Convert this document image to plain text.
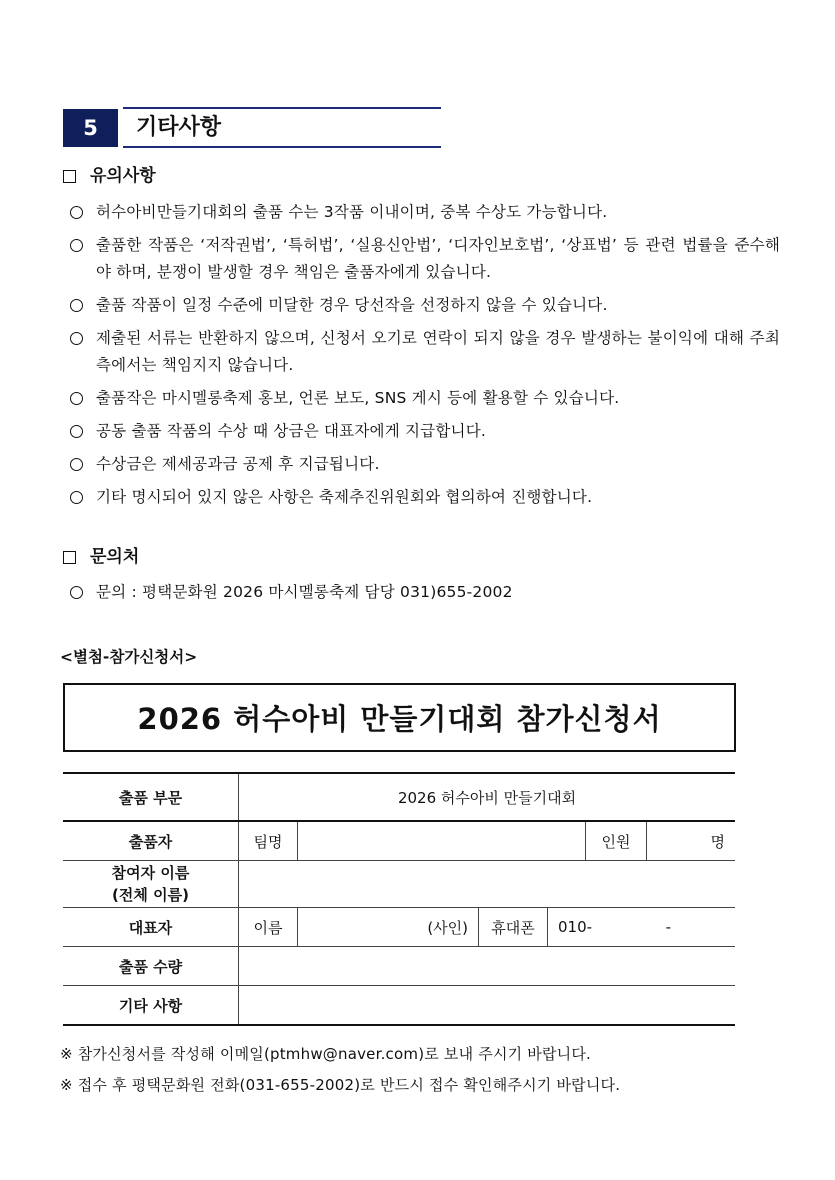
5 기타사항
유의사항
허수아비만들기대회의 출품 수는 3작품 이내이며, 중복 수상도 가능합니다.
출품한 작품은 ‘저작권법’, ‘특허법’, ‘실용신안법’, ‘디자인보호법’, ‘상표법’ 등 관련 법률을 준수해야 하며, 분쟁이 발생할 경우 책임은 출품자에게 있습니다.
출품 작품이 일정 수준에 미달한 경우 당선작을 선정하지 않을 수 있습니다.
제출된 서류는 반환하지 않으며, 신청서 오기로 연락이 되지 않을 경우 발생하는 불이익에 대해 주최 측에서는 책임지지 않습니다.
출품작은 마시멜롱축제 홍보, 언론 보도, SNS 게시 등에 활용할 수 있습니다.
공동 출품 작품의 수상 때 상금은 대표자에게 지급합니다.
수상금은 제세공과금 공제 후 지급됩니다.
기타 명시되어 있지 않은 사항은 축제추진위원회와 협의하여 진행합니다.
문의처
문의 : 평택문화원 2026 마시멜롱축제 담당 031)655-2002
<별첨-참가신청서>
2026 허수아비 만들기대회 참가신청서
출품 부문	2026 허수아비 만들기대회					
출품자	팀명				인원	명

참여자 이름
(전체 이름)						

대표자	이름	(사인)	휴대폰	010- -		
출품 수량						
기타 사항						
※ 참가신청서를 작성해 이메일(ptmhw@naver.com)로 보내 주시기 바랍니다.
※ 접수 후 평택문화원 전화(031-655-2002)로 반드시 접수 확인해주시기 바랍니다.
